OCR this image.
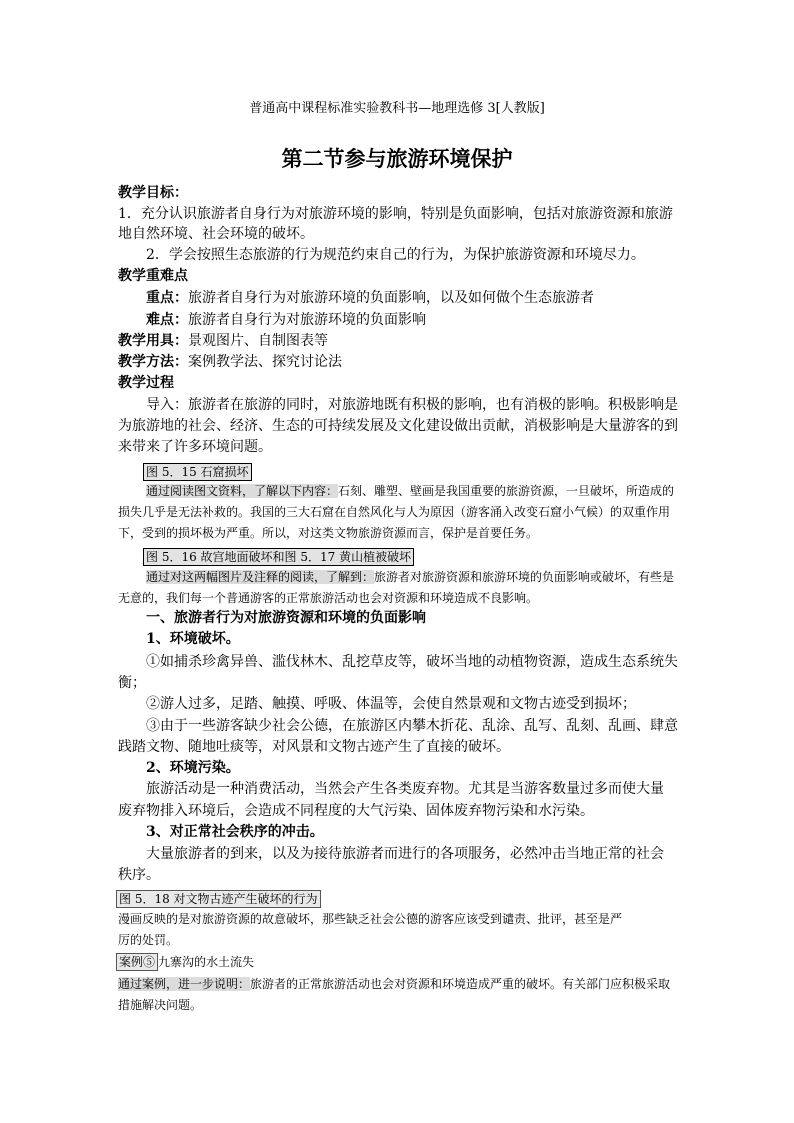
普通高中课程标准实验教科书—地理选修 3[人教版]
第二节参与旅游环境保护
教学目标：
1．充分认识旅游者自身行为对旅游环境的影响，特别是负面影响，包括对旅游资源和旅游
地自然环境、社会环境的破坏。
2．学会按照生态旅游的行为规范约束自己的行为，为保护旅游资源和环境尽力。
教学重难点
重点：旅游者自身行为对旅游环境的负面影响，以及如何做个生态旅游者
难点：旅游者自身行为对旅游环境的负面影响
教学用具：景观图片、自制图表等
教学方法：案例教学法、探究讨论法
教学过程
导入：旅游者在旅游的同时，对旅游地既有积极的影响，也有消极的影响。积极影响是
为旅游地的社会、经济、生态的可持续发展及文化建设做出贡献，消极影响是大量游客的到
来带来了许多环境问题。
图 5．15 石窟损坏
通过阅读图文资料，了解以下内容：石刻、雕塑、壁画是我国重要的旅游资源，一旦破坏，所造成的
损失几乎是无法补救的。我国的三大石窟在自然风化与人为原因（游客涌入改变石窟小气候）的双重作用
下，受到的损坏极为严重。所以，对这类文物旅游资源而言，保护是首要任务。
图 5．16 故宫地面破坏和图 5．17 黄山植被破坏
通过对这两幅图片及注释的阅读，了解到：旅游者对旅游资源和旅游环境的负面影响或破坏，有些是
无意的，我们每一个普通游客的正常旅游活动也会对资源和环境造成不良影响。
一、旅游者行为对旅游资源和环境的负面影响
1、环境破坏。
①如捕杀珍禽异兽、滥伐林木、乱挖草皮等，破坏当地的动植物资源，造成生态系统失
衡；
②游人过多，足踏、触摸、呼吸、体温等，会使自然景观和文物古迹受到损坏；
③由于一些游客缺少社会公德，在旅游区内攀木折花、乱涂、乱写、乱刻、乱画、肆意
践踏文物、随地吐痰等，对风景和文物古迹产生了直接的破坏。
2、环境污染。
旅游活动是一种消费活动，当然会产生各类废弃物。尤其是当游客数量过多而使大量
废弃物排入环境后，会造成不同程度的大气污染、固体废弃物污染和水污染。
3、对正常社会秩序的冲击。
大量旅游者的到来，以及为接待旅游者而进行的各项服务，必然冲击当地正常的社会
秩序。
图 5．18 对文物古迹产生破坏的行为
漫画反映的是对旅游资源的故意破坏，那些缺乏社会公德的游客应该受到谴责、批评，甚至是严
厉的处罚。
案例⑤ 九寨沟的水土流失
通过案例，进一步说明：旅游者的正常旅游活动也会对资源和环境造成严重的破坏。有关部门应积极采取
措施解决问题。
